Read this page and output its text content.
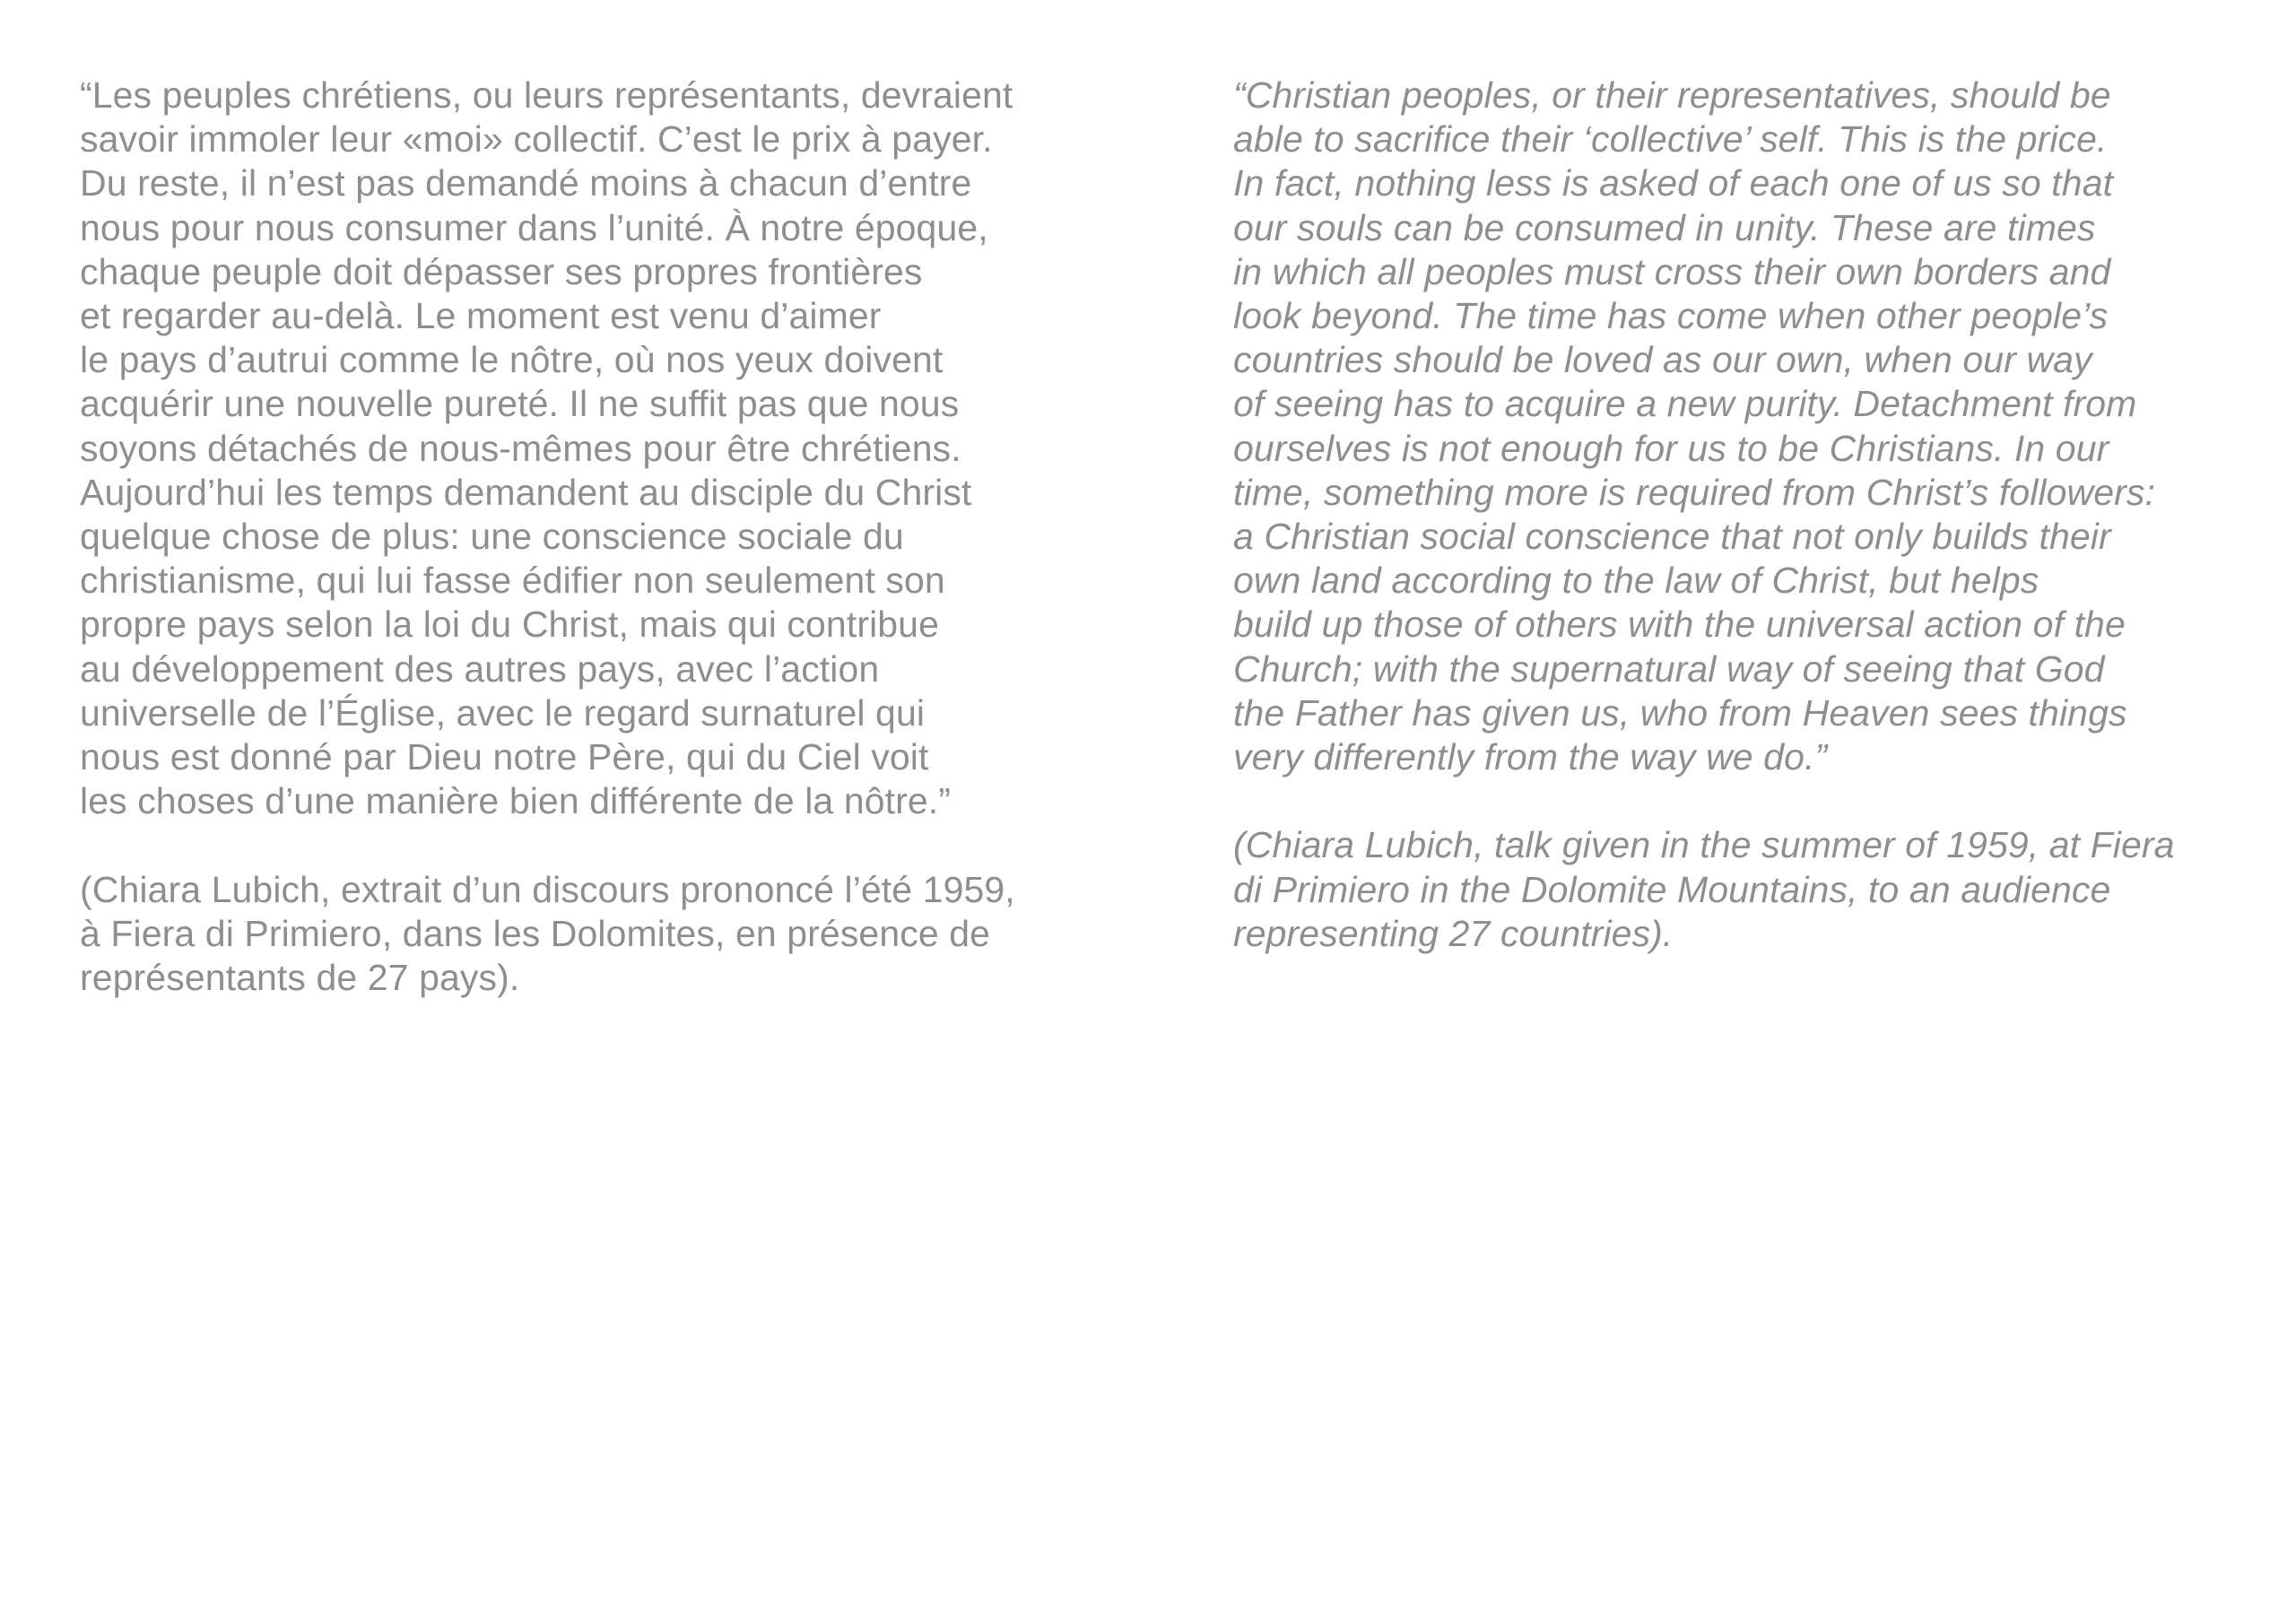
“Les peuples chrétiens, ou leurs représentants, devraient
savoir immoler leur «moi» collectif. C’est le prix à payer.
Du reste, il n’est pas demandé moins à chacun d’entre
nous pour nous consumer dans l’unité. À notre époque,
chaque peuple doit dépasser ses propres frontières
et regarder au-delà. Le moment est venu d’aimer
le pays d’autrui comme le nôtre, où nos yeux doivent
acquérir une nouvelle pureté. Il ne suffit pas que nous
soyons détachés de nous-mêmes pour être chrétiens.
Aujourd’hui les temps demandent au disciple du Christ
quelque chose de plus: une conscience sociale du
christianisme, qui lui fasse édifier non seulement son
propre pays selon la loi du Christ, mais qui contribue
au développement des autres pays, avec l’action
universelle de l’Église, avec le regard surnaturel qui
nous est donné par Dieu notre Père, qui du Ciel voit
les choses d’une manière bien différente de la nôtre.”
(Chiara Lubich, extrait d’un discours prononcé l’été 1959,
à Fiera di Primiero, dans les Dolomites, en présence de
représentants de 27 pays).
“Christian peoples, or their representatives, should be
able to sacrifice their ‘collective’ self. This is the price.
In fact, nothing less is asked of each one of us so that
our souls can be consumed in unity. These are times
in which all peoples must cross their own borders and
look beyond. The time has come when other people’s
countries should be loved as our own, when our way
of seeing has to acquire a new purity. Detachment from
ourselves is not enough for us to be Christians. In our
time, something more is required from Christ’s followers:
a Christian social conscience that not only builds their
own land according to the law of Christ, but helps
build up those of others with the universal action of the
Church; with the supernatural way of seeing that God
the Father has given us, who from Heaven sees things
very differently from the way we do.”
(Chiara Lubich, talk given in the summer of 1959, at Fiera
di Primiero in the Dolomite Mountains, to an audience
representing 27 countries).
